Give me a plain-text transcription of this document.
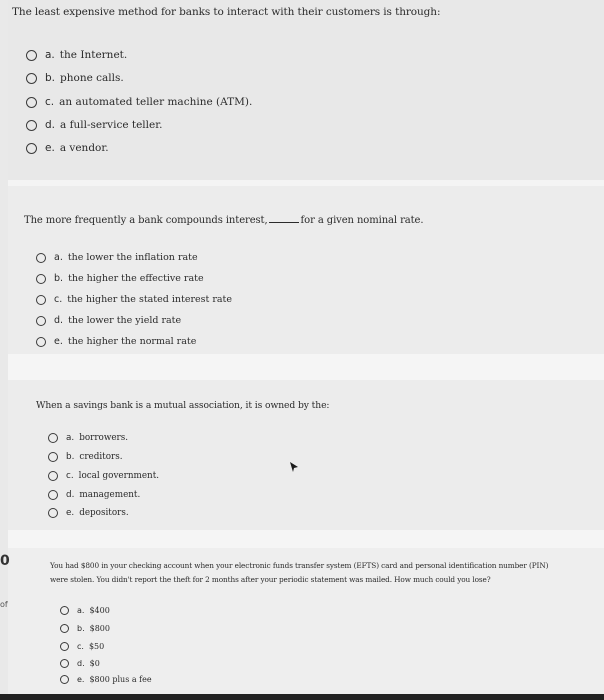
The least expensive method for banks to interact with their customers is through:
a. the Internet.
b. phone calls.
c. an automated teller machine (ATM).
d. a full-service teller.
e. a vendor.
The more frequently a bank compounds interest,	for a given nominal rate.
a. the lower the inflation rate
b. the higher the effective rate
c. the higher the stated interest rate
d. the lower the yield rate
e. the higher the normal rate
When a savings bank is a mutual association, it is owned by the:
a. borrowers.
b. creditors.
c. local government.
d. management.
e. depositors.
You had $800 in your checking account when your electronic funds transfer system (EFTS) card and personal identification number (PIN)
were stolen. You didn't report the theft for 2 months after your periodic statement was mailed. How much could you lose?
a. $400
b. $800
c. $50
d. $0
e. $800 plus a fee
0
of
